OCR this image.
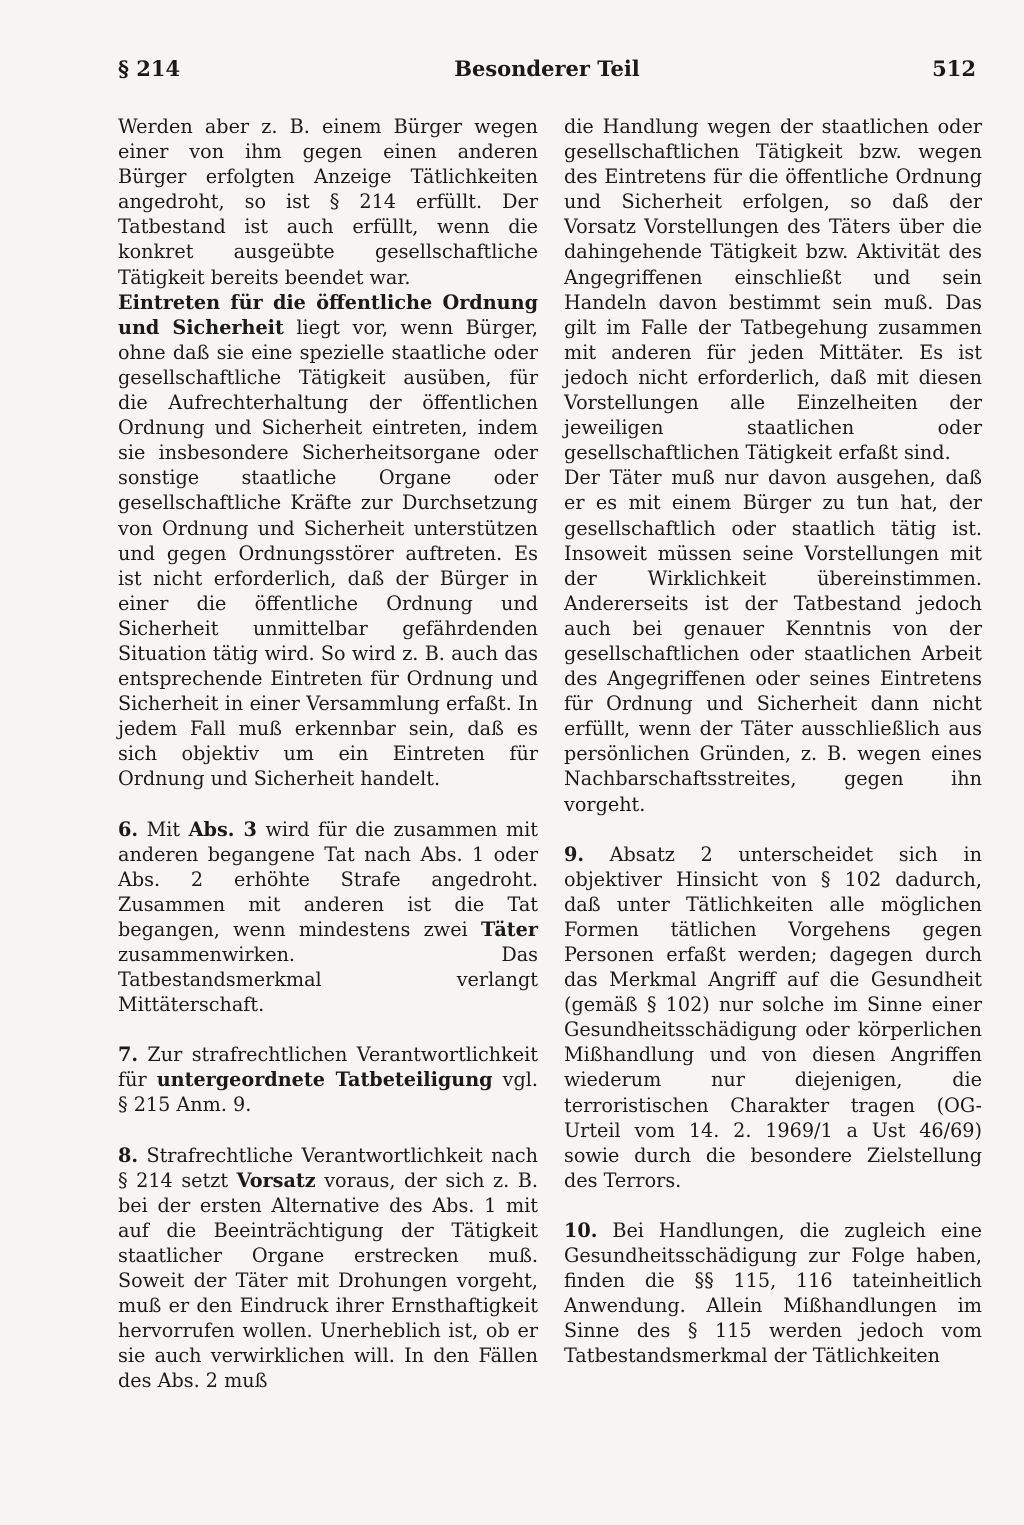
§ 214	Besonderer Teil	512

Werden aber z. B. einem Bürger wegen einer von ihm gegen einen anderen Bürger erfolgten Anzeige Tätlichkeiten angedroht, so ist § 214 erfüllt. Der Tatbestand ist auch erfüllt, wenn die konkret ausgeübte gesellschaftliche Tätigkeit bereits beendet war.

Eintreten für die öffentliche Ordnung und Sicherheit liegt vor, wenn Bürger, ohne daß sie eine spezielle staatliche oder gesellschaftliche Tätigkeit ausüben, für die Aufrechterhaltung der öffentlichen Ordnung und Sicherheit eintreten, indem sie insbesondere Sicherheitsorgane oder sonstige staatliche Organe oder gesellschaftliche Kräfte zur Durchsetzung von Ordnung und Sicherheit unterstützen und gegen Ordnungsstörer auftreten. Es ist nicht erforderlich, daß der Bürger in einer die öffentliche Ordnung und Sicherheit unmittelbar gefährdenden Situation tätig wird. So wird z. B. auch das entsprechende Eintreten für Ordnung und Sicherheit in einer Versammlung erfaßt. In jedem Fall muß erkennbar sein, daß es sich objektiv um ein Eintreten für Ordnung und Sicherheit handelt.

6. Mit Abs. 3 wird für die zusammen mit anderen begangene Tat nach Abs. 1 oder Abs. 2 erhöhte Strafe angedroht. Zusammen mit anderen ist die Tat begangen, wenn mindestens zwei Täter zusammenwirken. Das Tatbestandsmerkmal verlangt Mittäterschaft.

7. Zur strafrechtlichen Verantwortlichkeit für untergeordnete Tatbeteiligung vgl. § 215 Anm. 9.

8. Strafrechtliche Verantwortlichkeit nach § 214 setzt Vorsatz voraus, der sich z. B. bei der ersten Alternative des Abs. 1 mit auf die Beeinträchtigung der Tätigkeit staatlicher Organe erstrecken muß. Soweit der Täter mit Drohungen vorgeht, muß er den Eindruck ihrer Ernsthaftigkeit hervorrufen wollen. Unerheblich ist, ob er sie auch verwirklichen will. In den Fällen des Abs. 2 muß

die Handlung wegen der staatlichen oder gesellschaftlichen Tätigkeit bzw. wegen des Eintretens für die öffentliche Ordnung und Sicherheit erfolgen, so daß der Vorsatz Vorstellungen des Täters über die dahingehende Tätigkeit bzw. Aktivität des Angegriffenen einschließt und sein Handeln davon bestimmt sein muß. Das gilt im Falle der Tatbegehung zusammen mit anderen für jeden Mittäter. Es ist jedoch nicht erforderlich, daß mit diesen Vorstellungen alle Einzelheiten der jeweiligen staatlichen oder gesellschaftlichen Tätigkeit erfaßt sind.

Der Täter muß nur davon ausgehen, daß er es mit einem Bürger zu tun hat, der gesellschaftlich oder staatlich tätig ist. Insoweit müssen seine Vorstellungen mit der Wirklichkeit übereinstimmen. Andererseits ist der Tatbestand jedoch auch bei genauer Kenntnis von der gesellschaftlichen oder staatlichen Arbeit des Angegriffenen oder seines Eintretens für Ordnung und Sicherheit dann nicht erfüllt, wenn der Täter ausschließlich aus persönlichen Gründen, z. B. wegen eines Nachbarschaftsstreites, gegen ihn vorgeht.

9. Absatz 2 unterscheidet sich in objektiver Hinsicht von § 102 dadurch, daß unter Tätlichkeiten alle möglichen Formen tätlichen Vorgehens gegen Personen erfaßt werden; dagegen durch das Merkmal Angriff auf die Gesundheit (gemäß § 102) nur solche im Sinne einer Gesundheitsschädigung oder körperlichen Mißhandlung und von diesen Angriffen wiederum nur diejenigen, die terroristischen Charakter tragen (OG-Urteil vom 14. 2. 1969/1 a Ust 46/69) sowie durch die besondere Zielstellung des Terrors.

10. Bei Handlungen, die zugleich eine Gesundheitsschädigung zur Folge haben, finden die §§ 115, 116 tateinheitlich Anwendung. Allein Mißhandlungen im Sinne des § 115 werden jedoch vom Tatbestandsmerkmal der Tätlichkeiten
